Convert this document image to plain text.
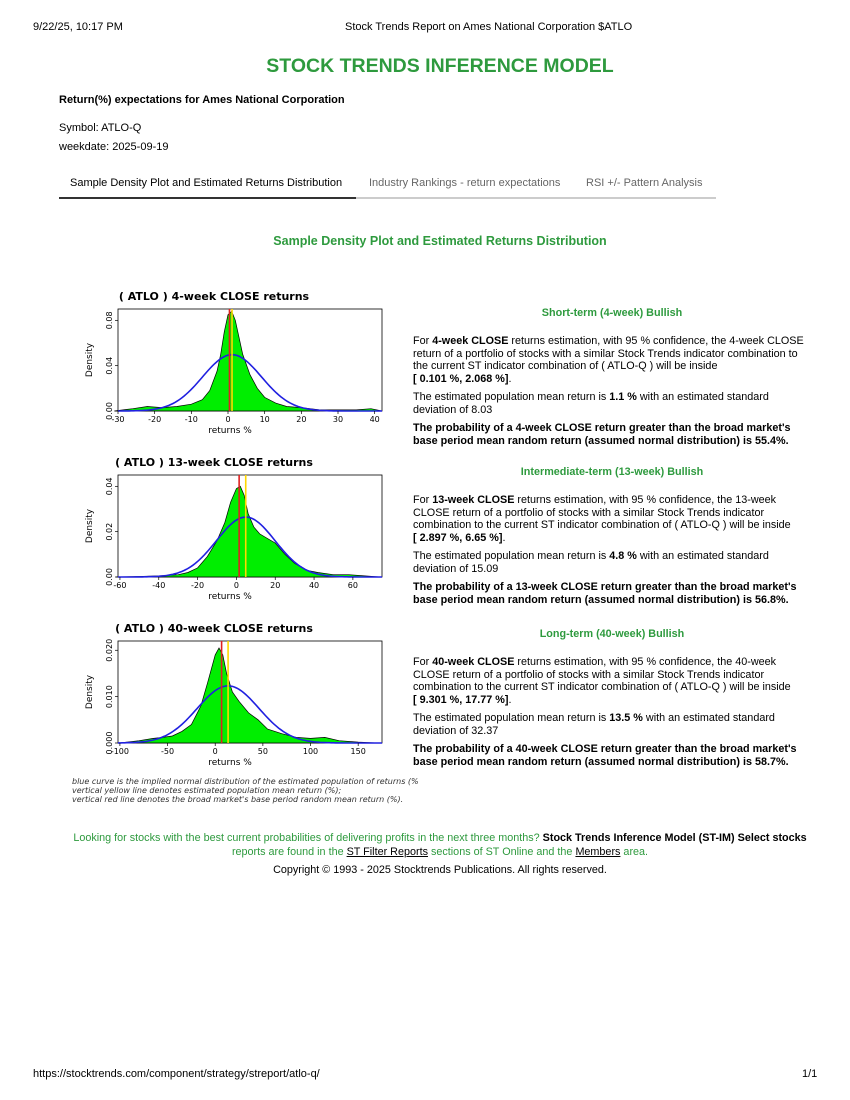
9/22/25, 10:17 PM	Stock Trends Report on Ames National Corporation $ATLO
STOCK TRENDS INFERENCE MODEL
Return(%) expectations for Ames National Corporation
Symbol: ATLO-Q
weekdate: 2025-09-19
Sample Density Plot and Estimated Returns Distribution	Industry Rankings - return expectations	RSI +/- Pattern Analysis
Sample Density Plot and Estimated Returns Distribution
( ATLO ) 4-week CLOSE returns
-30	-20	-10	0	10	20	30	40
0.00
0.04
0.08
returns %
Density
( ATLO ) 13-week CLOSE returns
-60	-40	-20	0	20	40	60
0.00
0.02
0.04
returns %
Density
( ATLO ) 40-week CLOSE returns
-100	-50	0	50	100	150
0.000
0.010
0.020
returns %
Density
blue curve is the implied normal distribution of the estimated population of returns (%
vertical yellow line denotes estimated population mean return (%);
vertical red line denotes the broad market's base period random mean return (%).
Short-term (4-week) Bullish

For 4-week CLOSE returns estimation, with 95 % confidence, the 4-week CLOSE return of a portfolio of stocks with a similar Stock Trends indicator combination to the current ST indicator combination of ( ATLO-Q ) will be inside
[ 0.101 %, 2.068 %].

The estimated population mean return is 1.1 % with an estimated standard deviation of 8.03

The probability of a 4-week CLOSE return greater than the broad market's base period mean random return (assumed normal distribution) is 55.4%.

Intermediate-term (13-week) Bullish

For 13-week CLOSE returns estimation, with 95 % confidence, the 13-week CLOSE return of a portfolio of stocks with a similar Stock Trends indicator combination to the current ST indicator combination of ( ATLO-Q ) will be inside
[ 2.897 %, 6.65 %].

The estimated population mean return is 4.8 % with an estimated standard deviation of 15.09

The probability of a 13-week CLOSE return greater than the broad market's base period mean random return (assumed normal distribution) is 56.8%.

Long-term (40-week) Bullish

For 40-week CLOSE returns estimation, with 95 % confidence, the 40-week CLOSE return of a portfolio of stocks with a similar Stock Trends indicator combination to the current ST indicator combination of ( ATLO-Q ) will be inside
[ 9.301 %, 17.77 %].

The estimated population mean return is 13.5 % with an estimated standard deviation of 32.37

The probability of a 40-week CLOSE return greater than the broad market's base period mean random return (assumed normal distribution) is 58.7%.

Looking for stocks with the best current probabilities of delivering profits in the next three months? Stock Trends Inference Model (ST-IM) Select stocks reports are found in the ST Filter Reports sections of ST Online and the Members area.
Copyright © 1993 - 2025 Stocktrends Publications. All rights reserved.
https://stocktrends.com/component/strategy/streport/atlo-q/	1/1
